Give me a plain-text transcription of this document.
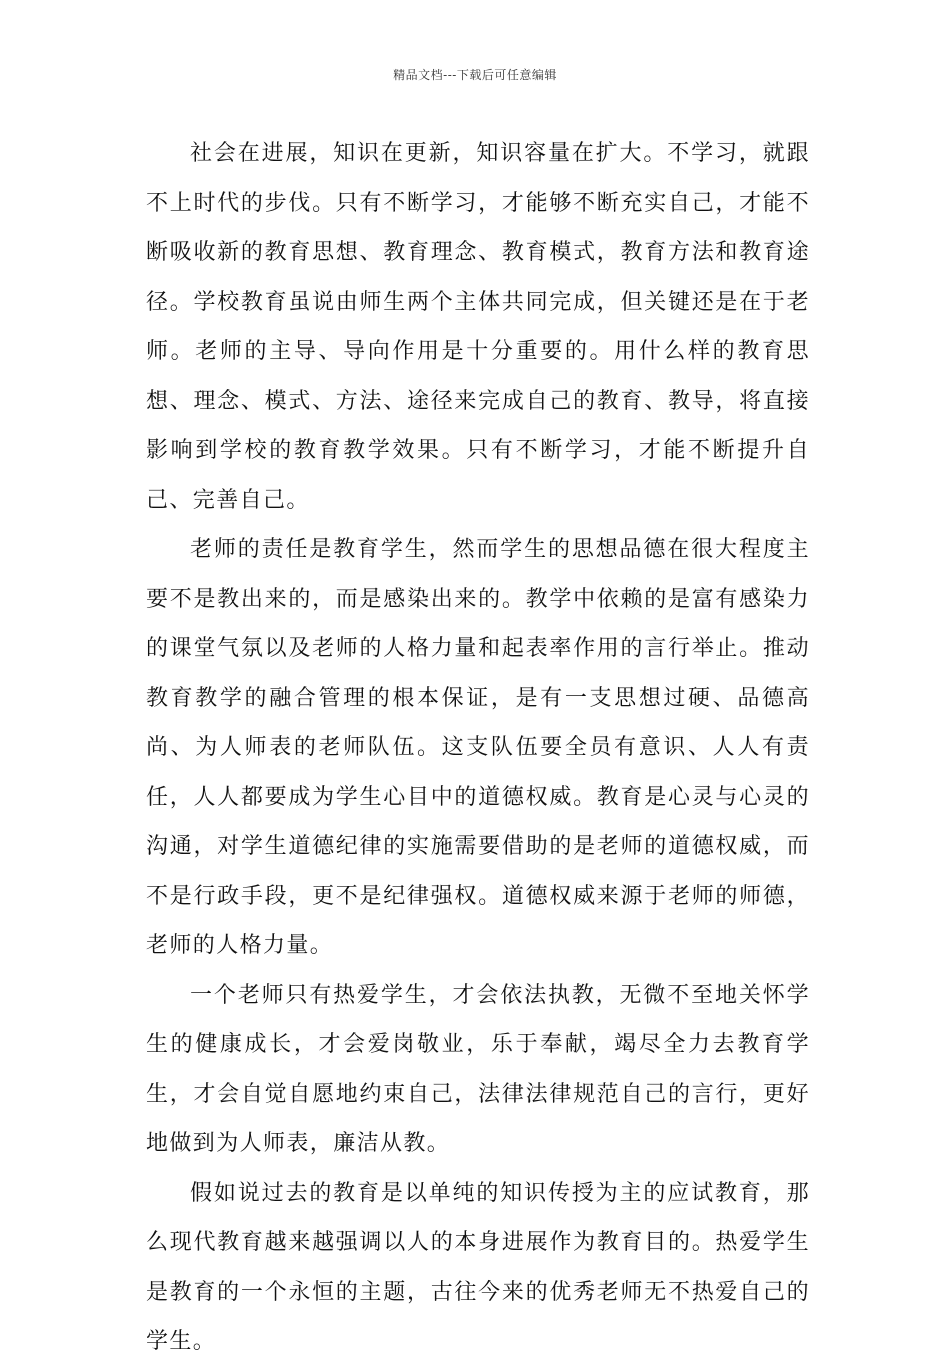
精品文档---下载后可任意编辑

社会在进展，知识在更新，知识容量在扩大。不学习，就跟不上时代的步伐。只有不断学习，才能够不断充实自己，才能不断吸收新的教育思想、教育理念、教育模式，教育方法和教育途径。学校教育虽说由师生两个主体共同完成，但关键还是在于老师。老师的主导、导向作用是十分重要的。用什么样的教育思想、理念、模式、方法、途径来完成自己的教育、教导，将直接影响到学校的教育教学效果。只有不断学习，才能不断提升自己、完善自己。

老师的责任是教育学生，然而学生的思想品德在很大程度主要不是教出来的，而是感染出来的。教学中依赖的是富有感染力的课堂气氛以及老师的人格力量和起表率作用的言行举止。推动教育教学的融合管理的根本保证，是有一支思想过硬、品德高尚、为人师表的老师队伍。这支队伍要全员有意识、人人有责任，人人都要成为学生心目中的道德权威。教育是心灵与心灵的沟通，对学生道德纪律的实施需要借助的是老师的道德权威，而不是行政手段，更不是纪律强权。道德权威来源于老师的师德，老师的人格力量。

一个老师只有热爱学生，才会依法执教，无微不至地关怀学生的健康成长，才会爱岗敬业，乐于奉献，竭尽全力去教育学生，才会自觉自愿地约束自己，法律法律规范自己的言行，更好地做到为人师表，廉洁从教。

假如说过去的教育是以单纯的知识传授为主的应试教育，那么现代教育越来越强调以人的本身进展作为教育目的。热爱学生是教育的一个永恒的主题，古往今来的优秀老师无不热爱自己的学生。
